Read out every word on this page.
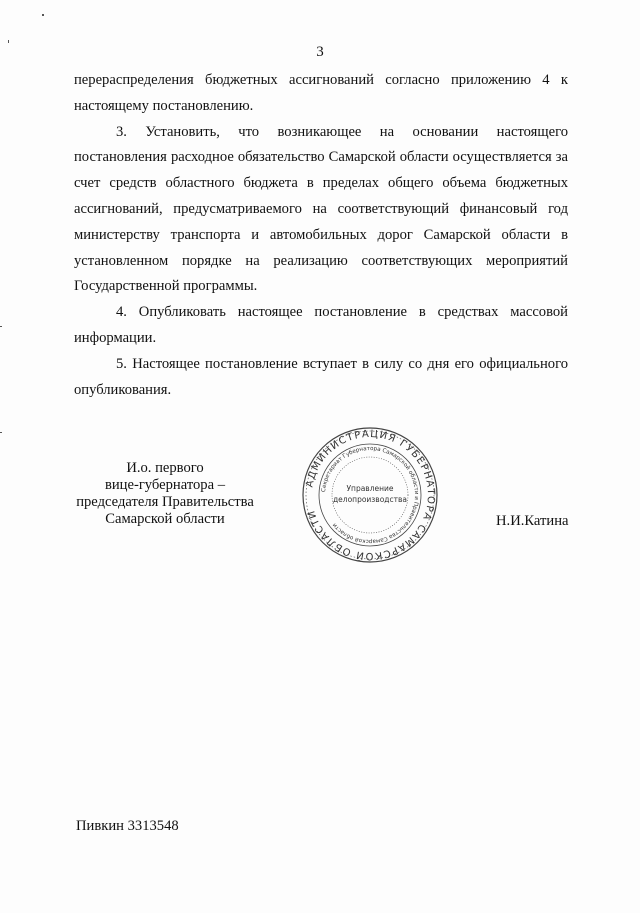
3

перераспределения бюджетных ассигнований согласно приложению 4 к настоящему постановлению.

3. Установить, что возникающее на основании настоящего постановления расходное обязательство Самарской области осуществляется за счет средств областного бюджета в пределах общего объема бюджетных ассигнований, предусматриваемого на соответствующий финансовый год министерству транспорта и автомобильных дорог Самарской области в установленном порядке на реализацию соответствующих мероприятий Государственной программы.

4. Опубликовать настоящее постановление в средствах массовой информации.

5. Настоящее постановление вступает в силу со дня его официального опубликования.

И.о. первого
вице-губернатора –
председателя Правительства
Самарской области
АДМИНИСТРАЦИЯ ГУБЕРНАТОРА САМАРСКОЙ ОБЛАСТИ
Секретариат Губернатора Самарской области и Правительства Самарской области
Управление
делопроизводства
Н.И.Катина
Пивкин 3313548
